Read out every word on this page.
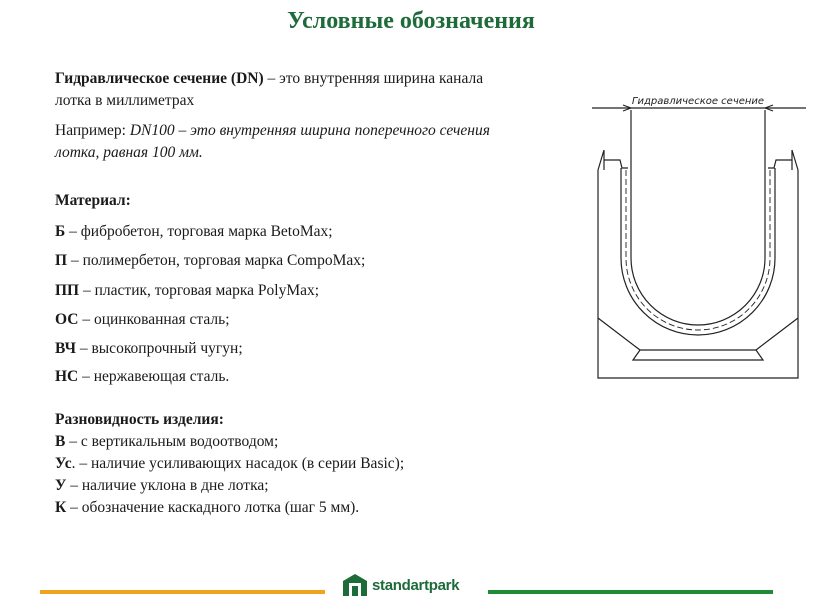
Условные обозначения
Гидравлическое сечение (DN) – это внутренняя ширина канала
лотка в миллиметрах
Например: DN100 – это внутренняя ширина поперечного сечения
лотка, равная 100 мм.
Материал:
Б – фибробетон, торговая марка BetoMax;
П – полимербетон, торговая марка CompoMax;
ПП – пластик, торговая марка PolyMax;
ОС – оцинкованная сталь;
ВЧ – высокопрочный чугун;
НС – нержавеющая сталь.
Разновидность изделия:
В – с вертикальным водоотводом;
Ус. – наличие усиливающих насадок (в серии Basic);
У – наличие уклона в дне лотка;
К – обозначение каскадного лотка (шаг 5 мм).
Гидравлическое сечение
standartpark
